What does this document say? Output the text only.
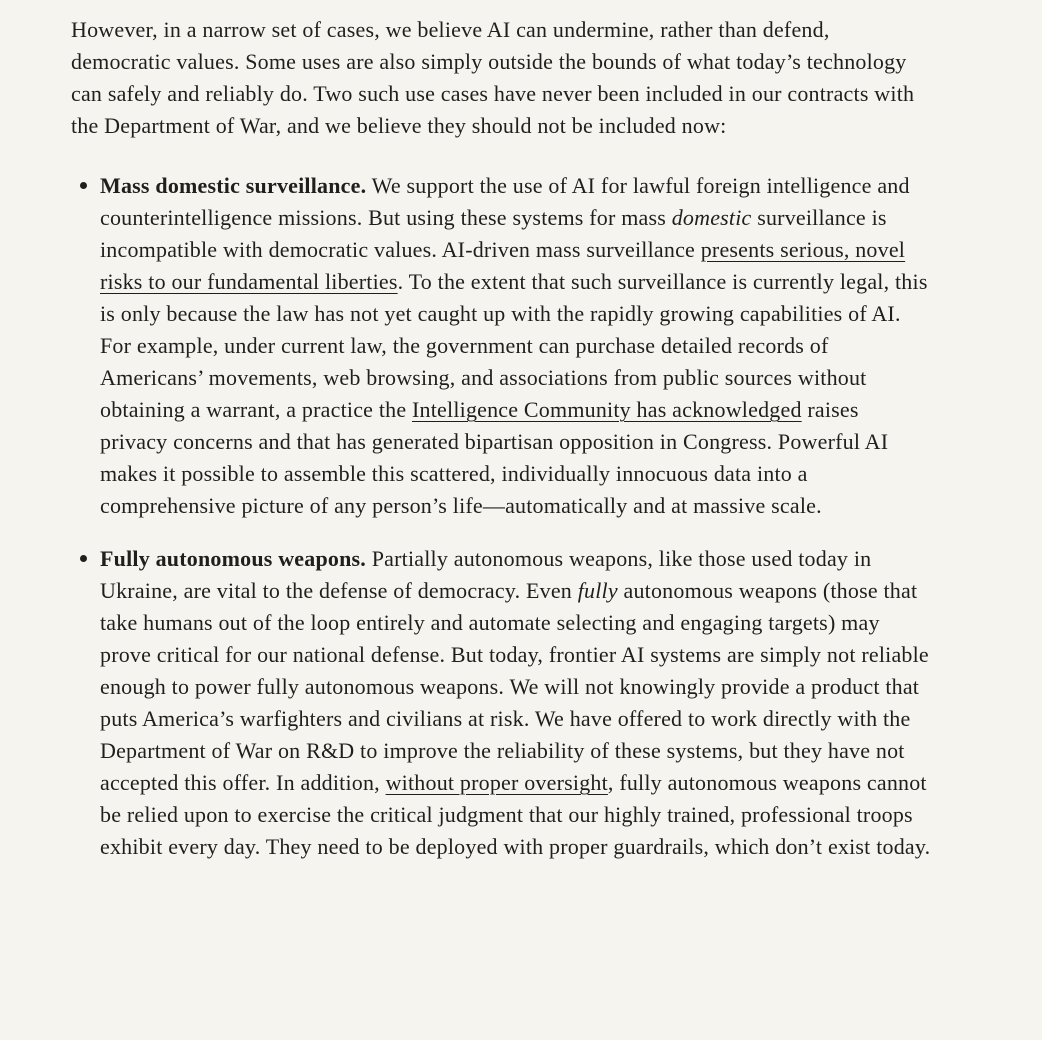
However, in a narrow set of cases, we believe AI can undermine, rather than defend, democratic values. Some uses are also simply outside the bounds of what today’s technology can safely and reliably do. Two such use cases have never been included in our contracts with the Department of War, and we believe they should not be included now:

Mass domestic surveillance. We support the use of AI for lawful foreign intelligence and counterintelligence missions. But using these systems for mass domestic surveillance is incompatible with democratic values. AI-driven mass surveillance presents serious, novel risks to our fundamental liberties. To the extent that such surveillance is currently legal, this is only because the law has not yet caught up with the rapidly growing capabilities of AI. For example, under current law, the government can purchase detailed records of Americans’ movements, web browsing, and associations from public sources without obtaining a warrant, a practice the Intelligence Community has acknowledged raises privacy concerns and that has generated bipartisan opposition in Congress. Powerful AI makes it possible to assemble this scattered, individually innocuous data into a comprehensive picture of any person’s life—automatically and at massive scale.
Fully autonomous weapons. Partially autonomous weapons, like those used today in Ukraine, are vital to the defense of democracy. Even fully autonomous weapons (those that take humans out of the loop entirely and automate selecting and engaging targets) may prove critical for our national defense. But today, frontier AI systems are simply not reliable enough to power fully autonomous weapons. We will not knowingly provide a product that puts America’s warfighters and civilians at risk. We have offered to work directly with the Department of War on R&D to improve the reliability of these systems, but they have not accepted this offer. In addition, without proper oversight, fully autonomous weapons cannot be relied upon to exercise the critical judgment that our highly trained, professional troops exhibit every day. They need to be deployed with proper guardrails, which don’t exist today.
